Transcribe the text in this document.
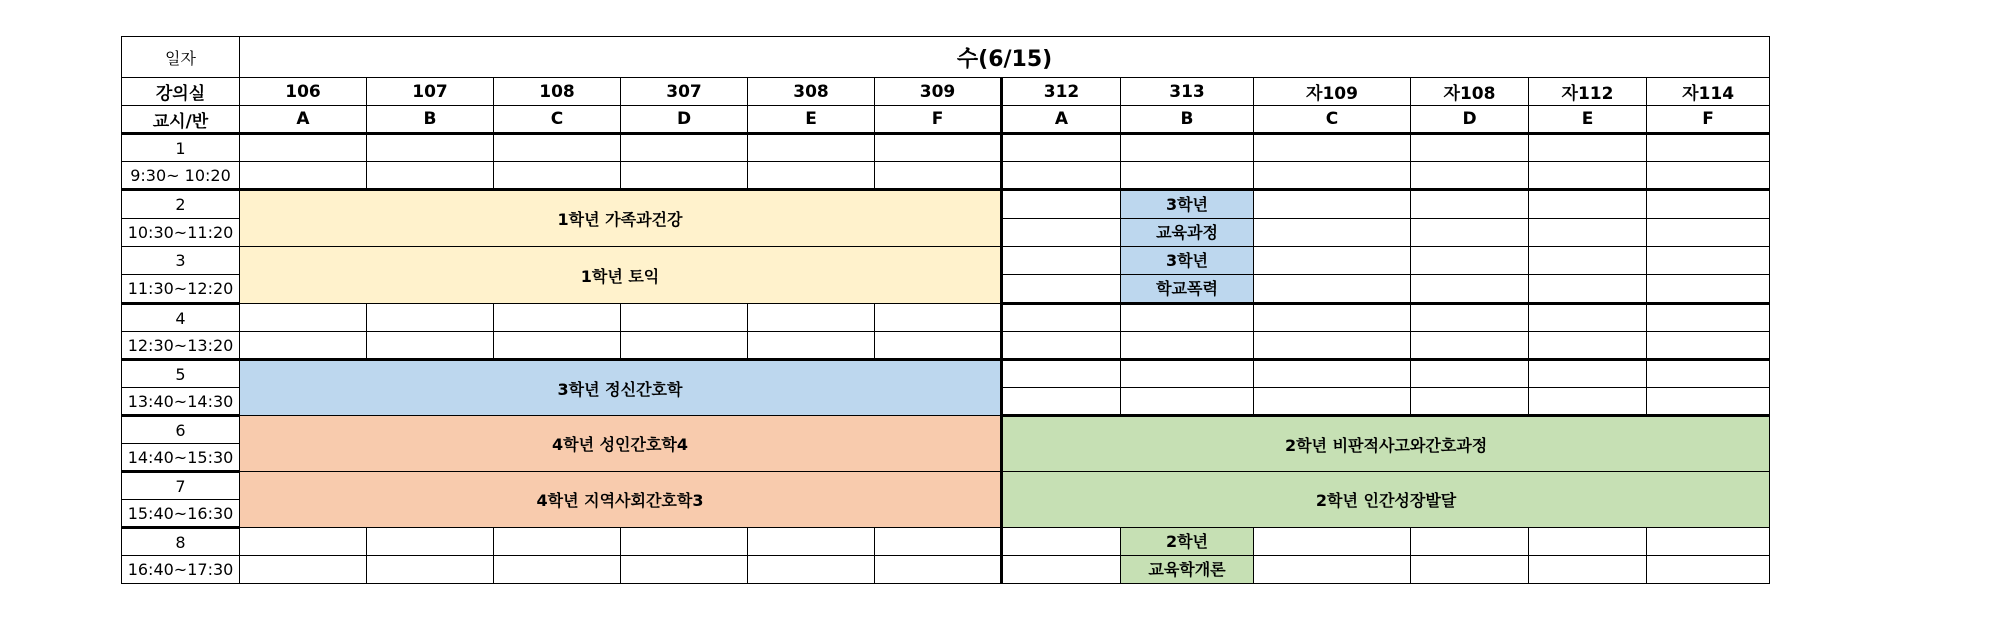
일자	수(6/15)											
강의실	106	107	108	307	308	309	312	313	자109	자108	자112	자114
교시/반	A	B	C	D	E	F	A	B	C	D	E	F
1												
9:30~ 10:20												
2	1학년 가족과건강							3학년				
10:30~11:20								교육과정				
3	1학년 토익							3학년				
11:30~12:20								학교폭력				
4												
12:30~13:20												
5	3학년 정신간호학											
13:40~14:30												
6	4학년 성인간호학4						2학년 비판적사고와간호과정					
14:40~15:30												
7	4학년 지역사회간호학3						2학년 인간성장발달					
15:40~16:30												
8								2학년				
16:40~17:30								교육학개론				
